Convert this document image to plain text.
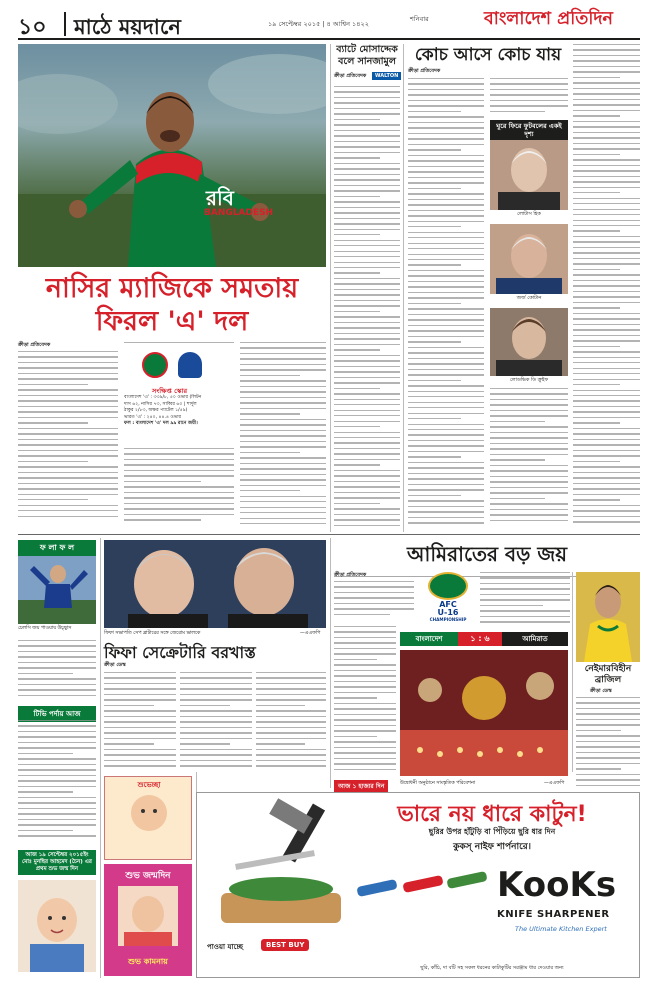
১০	মাঠে ময়দানে	১৯ সেপ্টেম্বর ২০১৫ | ৪ আশ্বিন ১৪২২
শনিবার	বাংলাদেশ প্রতিদিন
রবি
BANGLADESH
নাসির ম্যাজিকে সমতায় ফিরল 'এ' দল
ক্রীড়া প্রতিবেদক
সংক্ষিপ্ত স্কোর
বাংলাদেশ 'এ' : ৩৩৯/৮, ৫০ ওভার (লিটন
দাস ৬২, নাসির ৭৩, সাব্বির ৬০ | শার্দুল
ঠাকুর ২/৮৩, অক্ষর প্যাটেল ১/৫৯)
ভারত 'এ' : ২৪০, ৪৪.৪ ওভার
ফল : বাংলাদেশ 'এ' দল ৯৯ রানে জয়ী।
ব্যাটে মোসাদ্দেক
বলে সানজামুল
ক্রীড়া প্রতিবেদক	WALTON
কোচ আসে কোচ যায়
ক্রীড়া প্রতিবেদক
ঘুরে ফিরে ফুটবলের একই দৃশ্য
লোটাস হিক
জর্জ কোটান
লোডভিক ডি ক্রুইফ
ফ লা ফ ল
চেলসি জয় পাওয়ায় উচ্ছ্বাস
টিভি পর্দায় আজ
আজ ১৯ সেপ্টেম্বর ২০১৫ইং মোঃ মুনছির আহমেদ (চৈন) এর প্রথম শুভ জন্ম দিন
ফিফা সভাপতি সেপ ব্লাটারের সঙ্গে জেরোম ভালকে	—এএফপি
ফিফা সেক্রেটারি বরখাস্ত
ক্রীড়া ডেস্ক
শুভেচ্ছা
শুভ জন্মদিন
শুভ কামনায়
আমিরাতের বড় জয়
ক্রীড়া প্রতিবেদক
AFC
U-16
CHAMPIONSHIP
বাংলাদেশ	১ : ৬	আমিরাত
আজ ১ হাজার দিন	উদ্বোধনী অনুষ্ঠানে সাংস্কৃতিক পরিবেশনা	—এএফপি
নেইমারবিহীন ব্রাজিল
ক্রীড়া ডেস্ক
ভারে নয় ধারে কাটুন!
ছুরির উপর হাঁটুড়ি বা পিঁড়িয়ে ছুরি ধার দিন
কুকস্ নাইফ শার্পনারে।
পাওয়া যাচ্ছে	BEST BUY
KooKs
KNIFE SHARPENER
The Ultimate Kitchen Expert
ছুরি, কাঁচি, দা বটি সহ সকল ধরনের কাটাকুটির সরঞ্জাম ধার দেওয়ার জন্য
